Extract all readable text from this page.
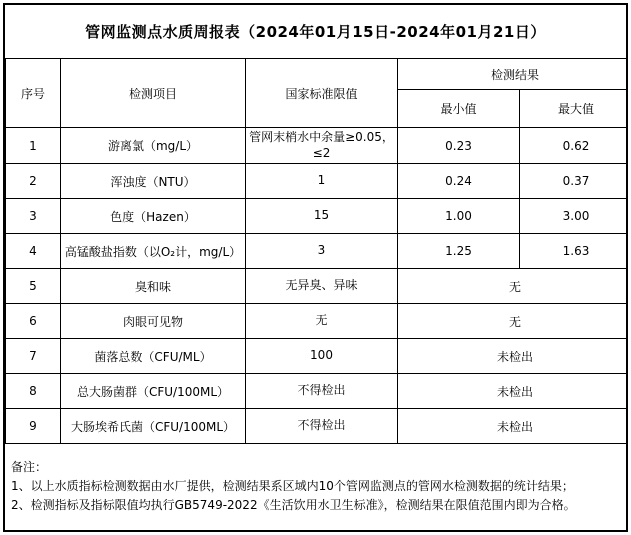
管网监测点水质周报表（2024年01月15日-2024年01月21日）
序号	检测项目	国家标准限值	检测结果	
			最小值	最大值
1	游离氯（mg/L）	管网末梢水中余量≥0.05，≤2	0.23	0.62
2	浑浊度（NTU）	1	0.24	0.37
3	色度（Hazen）	15	1.00	3.00
4	高锰酸盐指数（以O₂计，mg/L）	3	1.25	1.63
5	臭和味	无异臭、异味	无	
6	肉眼可见物	无	无	
7	菌落总数（CFU/ML）	100	未检出	
8	总大肠菌群（CFU/100ML）	不得检出	未检出	
9	大肠埃希氏菌（CFU/100ML）	不得检出	未检出	
备注：
1、以上水质指标检测数据由水厂提供，检测结果系区域内10个管网监测点的管网水检测数据的统计结果；
2、检测指标及指标限值均执行GB5749-2022《生活饮用水卫生标准》，检测结果在限值范围内即为合格。
